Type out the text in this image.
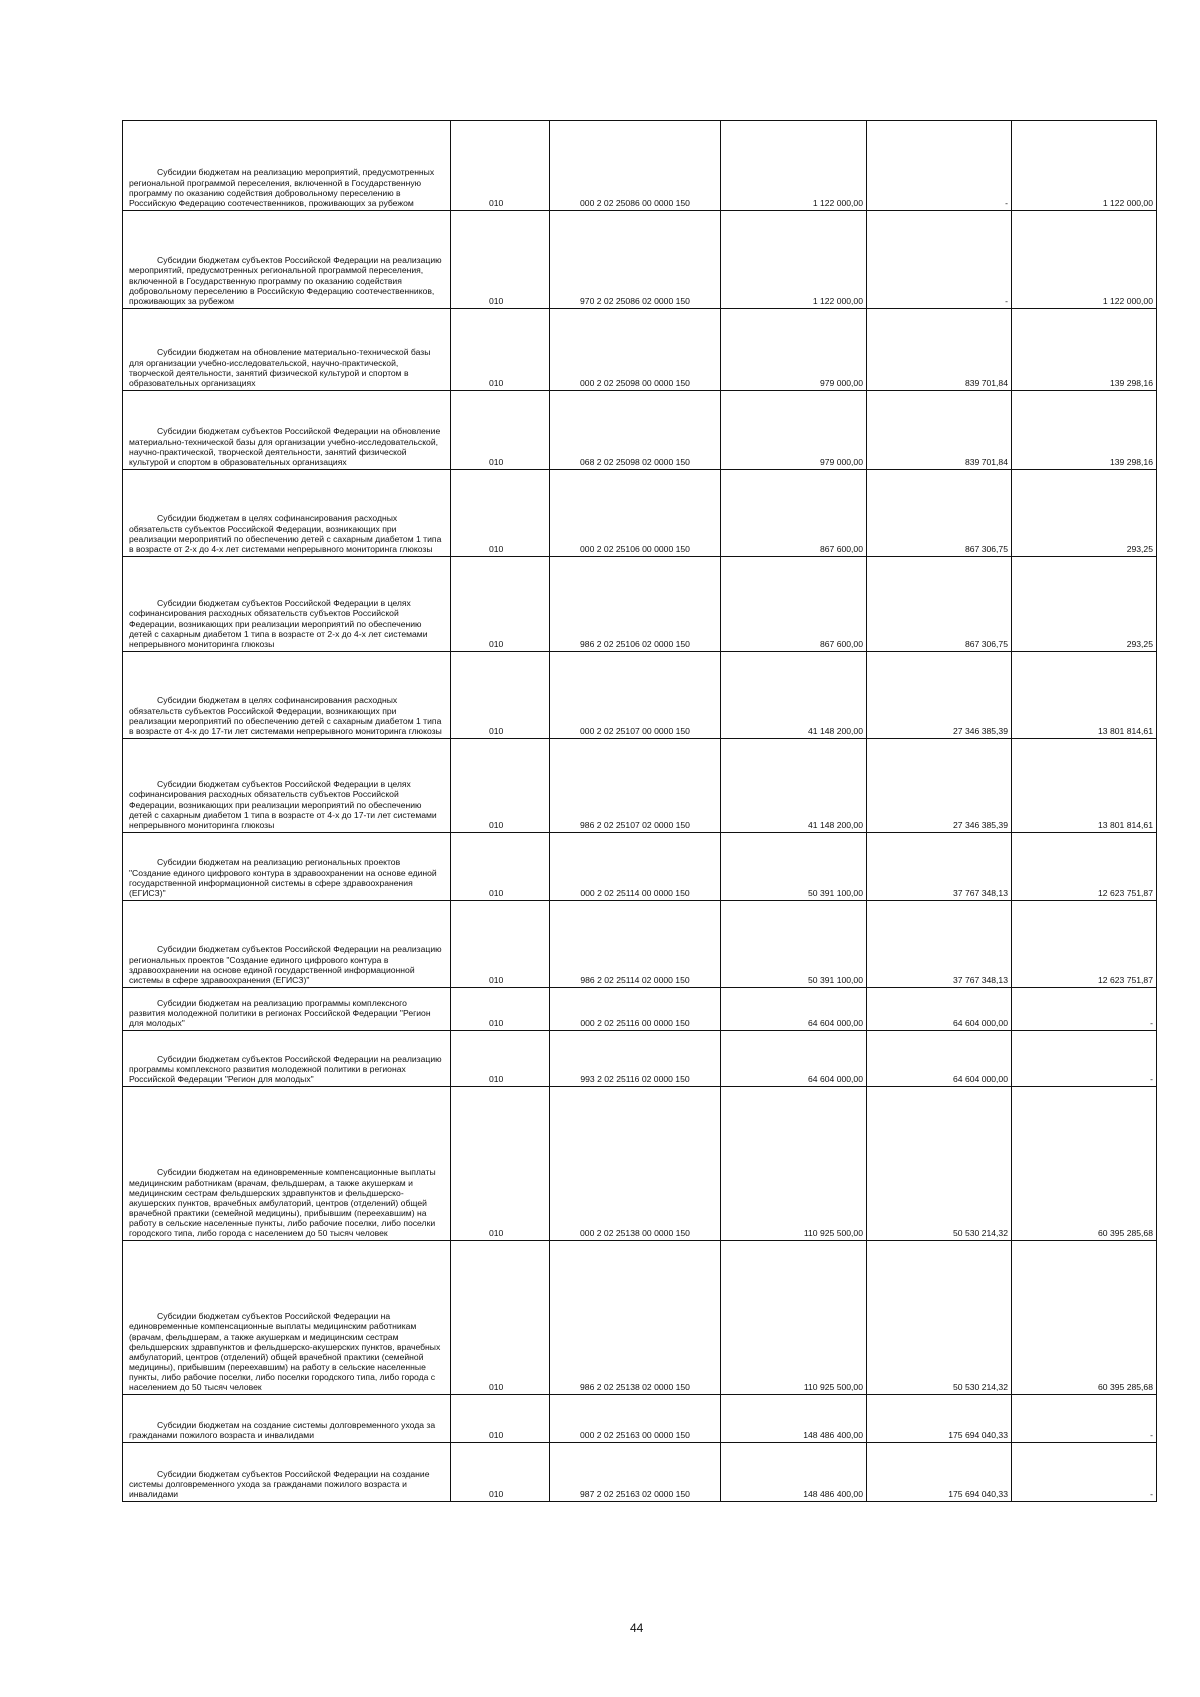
Субсидии бюджетам на реализацию мероприятий, предусмотренных региональной программой переселения, включенной в Государственную программу по оказанию содействия добровольному переселению в Российскую Федерацию соотечественников, проживающих за рубежом	010	000 2 02 25086 00 0000 150	1 122 000,00	-	1 122 000,00

Субсидии бюджетам субъектов Российской Федерации на реализацию мероприятий, предусмотренных региональной программой переселения, включенной в Государственную программу по оказанию содействия добровольному переселению в Российскую Федерацию соотечественников, проживающих за рубежом	010	970 2 02 25086 02 0000 150	1 122 000,00	-	1 122 000,00

Субсидии бюджетам на обновление материально-технической базы для организации учебно-исследовательской, научно-практической, творческой деятельности, занятий физической культурой и спортом в образовательных организациях	010	000 2 02 25098 00 0000 150	979 000,00	839 701,84	139 298,16

Субсидии бюджетам субъектов Российской Федерации на обновление материально-технической базы для организации учебно-исследовательской, научно-практической, творческой деятельности, занятий физической культурой и спортом в образовательных организациях	010	068 2 02 25098 02 0000 150	979 000,00	839 701,84	139 298,16

Субсидии бюджетам в целях софинансирования расходных обязательств субъектов Российской Федерации, возникающих при реализации мероприятий по обеспечению детей с сахарным диабетом 1 типа в возрасте от 2-х до 4-х лет системами непрерывного мониторинга глюкозы	010	000 2 02 25106 00 0000 150	867 600,00	867 306,75	293,25

Субсидии бюджетам субъектов Российской Федерации в целях софинансирования расходных обязательств субъектов Российской Федерации, возникающих при реализации мероприятий по обеспечению детей с сахарным диабетом 1 типа в возрасте от 2-х до 4-х лет системами непрерывного мониторинга глюкозы	010	986 2 02 25106 02 0000 150	867 600,00	867 306,75	293,25

Субсидии бюджетам в целях софинансирования расходных обязательств субъектов Российской Федерации, возникающих при реализации мероприятий по обеспечению детей с сахарным диабетом 1 типа в возрасте от 4-х до 17-ти лет системами непрерывного мониторинга глюкозы	010	000 2 02 25107 00 0000 150	41 148 200,00	27 346 385,39	13 801 814,61

Субсидии бюджетам субъектов Российской Федерации в целях софинансирования расходных обязательств субъектов Российской Федерации, возникающих при реализации мероприятий по обеспечению детей с сахарным диабетом 1 типа в возрасте от 4-х до 17-ти лет системами непрерывного мониторинга глюкозы	010	986 2 02 25107 02 0000 150	41 148 200,00	27 346 385,39	13 801 814,61

Субсидии бюджетам на реализацию региональных проектов "Создание единого цифрового контура в здравоохранении на основе единой государственной информационной системы в сфере здравоохранения (ЕГИСЗ)"	010	000 2 02 25114 00 0000 150	50 391 100,00	37 767 348,13	12 623 751,87

Субсидии бюджетам субъектов Российской Федерации на реализацию региональных проектов "Создание единого цифрового контура в здравоохранении на основе единой государственной информационной системы в сфере здравоохранения (ЕГИСЗ)"	010	986 2 02 25114 02 0000 150	50 391 100,00	37 767 348,13	12 623 751,87

Субсидии бюджетам на реализацию программы комплексного развития молодежной политики в регионах Российской Федерации "Регион для молодых"	010	000 2 02 25116 00 0000 150	64 604 000,00	64 604 000,00	-

Субсидии бюджетам субъектов Российской Федерации на реализацию программы комплексного развития молодежной политики в регионах Российской Федерации "Регион для молодых"	010	993 2 02 25116 02 0000 150	64 604 000,00	64 604 000,00	-

Субсидии бюджетам на единовременные компенсационные выплаты медицинским работникам (врачам, фельдшерам, а также акушеркам и медицинским сестрам фельдшерских здравпунктов и фельдшерско-акушерских пунктов, врачебных амбулаторий, центров (отделений) общей врачебной практики (семейной медицины), прибывшим (переехавшим) на работу в сельские населенные пункты, либо рабочие поселки, либо поселки городского типа, либо города с населением до 50 тысяч человек	010	000 2 02 25138 00 0000 150	110 925 500,00	50 530 214,32	60 395 285,68

Субсидии бюджетам субъектов Российской Федерации на единовременные компенсационные выплаты медицинским работникам (врачам, фельдшерам, а также акушеркам и медицинским сестрам фельдшерских здравпунктов и фельдшерско-акушерских пунктов, врачебных амбулаторий, центров (отделений) общей врачебной практики (семейной медицины), прибывшим (переехавшим) на работу в сельские населенные пункты, либо рабочие поселки, либо поселки городского типа, либо города с населением до 50 тысяч человек	010	986 2 02 25138 02 0000 150	110 925 500,00	50 530 214,32	60 395 285,68

Субсидии бюджетам на создание системы долговременного ухода за гражданами пожилого возраста и инвалидами	010	000 2 02 25163 00 0000 150	148 486 400,00	175 694 040,33	-

Субсидии бюджетам субъектов Российской Федерации на создание системы долговременного ухода за гражданами пожилого возраста и инвалидами	010	987 2 02 25163 02 0000 150	148 486 400,00	175 694 040,33	-
44
